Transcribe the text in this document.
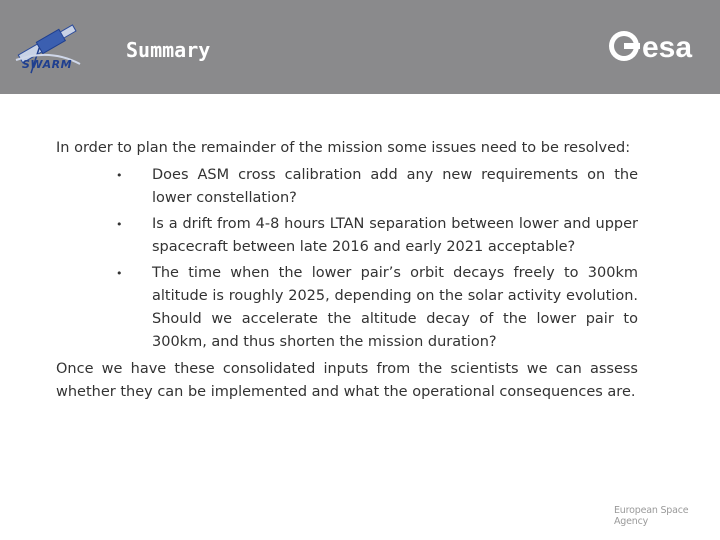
SWARM
Summary	esa

In order to plan the remainder of the mission some issues need to be resolved:

• Does ASM cross calibration add any new requirements on the lower constellation?
• Is a drift from 4-8 hours LTAN separation between lower and upper spacecraft between late 2016 and early 2021 acceptable?
• The time when the lower pair’s orbit decays freely to 300km altitude is roughly 2025, depending on the solar activity evolution. Should we accelerate the altitude decay of the lower pair to 300km, and thus shorten the mission duration?

Once we have these consolidated inputs from the scientists we can assess whether they can be implemented and what the operational consequences are.

European Space Agency
